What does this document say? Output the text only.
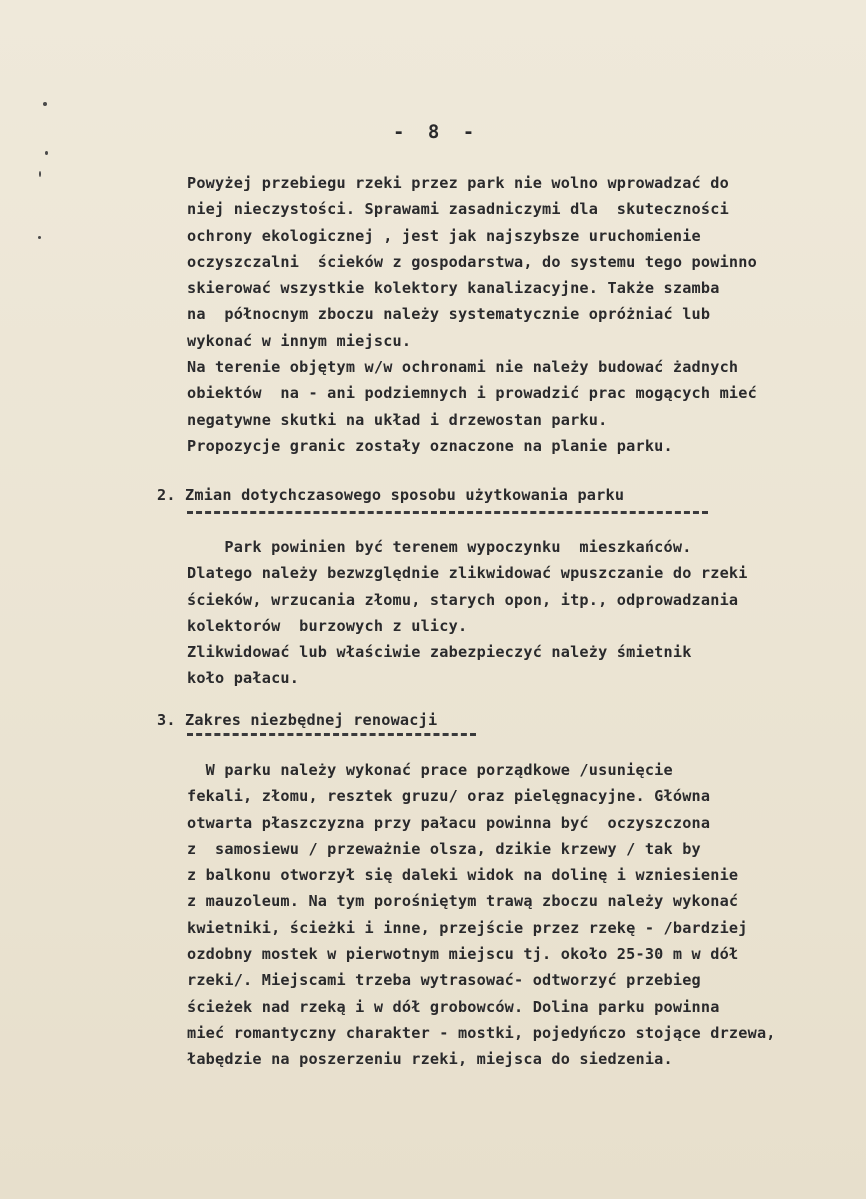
- 8 -
Powyżej przebiegu rzeki przez park nie wolno wprowadzać do
niej nieczystości. Sprawami zasadniczymi dla  skuteczności
ochrony ekologicznej , jest jak najszybsze uruchomienie
oczyszczalni  ścieków z gospodarstwa, do systemu tego powinno
skierować wszystkie kolektory kanalizacyjne. Także szamba
na  północnym zboczu należy systematycznie opróżniać lub
wykonać w innym miejscu.
Na terenie objętym w/w ochronami nie należy budować żadnych
obiektów  na - ani podziemnych i prowadzić prac mogących mieć
negatywne skutki na układ i drzewostan parku.
Propozycje granic zostały oznaczone na planie parku.
2. Zmian dotychczasowego sposobu użytkowania parku
Park powinien być terenem wypoczynku  mieszkańców.
Dlatego należy bezwzględnie zlikwidować wpuszczanie do rzeki
ścieków, wrzucania złomu, starych opon, itp., odprowadzania
kolektorów  burzowych z ulicy.
Zlikwidować lub właściwie zabezpieczyć należy śmietnik
koło pałacu.
3. Zakres niezbędnej renowacji
W parku należy wykonać prace porządkowe /usunięcie
fekali, złomu, resztek gruzu/ oraz pielęgnacyjne. Główna
otwarta płaszczyzna przy pałacu powinna być  oczyszczona
z  samosiewu / przeważnie olsza, dzikie krzewy / tak by
z balkonu otworzył się daleki widok na dolinę i wzniesienie
z mauzoleum. Na tym porośniętym trawą zboczu należy wykonać
kwietniki, ścieżki i inne, przejście przez rzekę - /bardziej
ozdobny mostek w pierwotnym miejscu tj. około 25-30 m w dół
rzeki/. Miejscami trzeba wytrasować- odtworzyć przebieg
ścieżek nad rzeką i w dół grobowców. Dolina parku powinna
mieć romantyczny charakter - mostki, pojedyńczo stojące drzewa,
łabędzie na poszerzeniu rzeki, miejsca do siedzenia.
